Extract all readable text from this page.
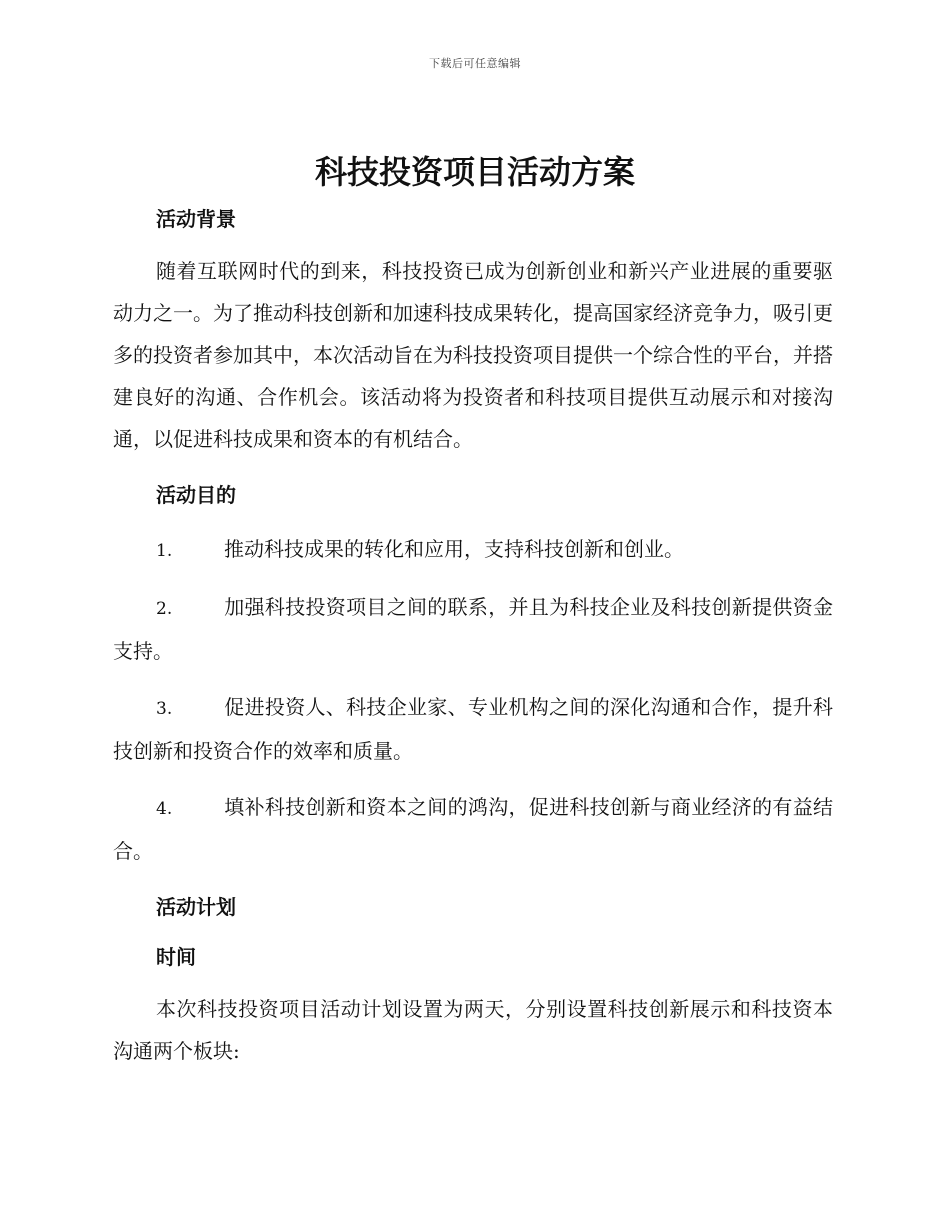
下载后可任意编辑
科技投资项目活动方案
活动背景

随着互联网时代的到来，科技投资已成为创新创业和新兴产业进展的重要驱动力之一。为了推动科技创新和加速科技成果转化，提高国家经济竞争力，吸引更多的投资者参加其中，本次活动旨在为科技投资项目提供一个综合性的平台，并搭建良好的沟通、合作机会。该活动将为投资者和科技项目提供互动展示和对接沟通，以促进科技成果和资本的有机结合。

活动目的

1.	推动科技成果的转化和应用，支持科技创新和创业。

2.	加强科技投资项目之间的联系，并且为科技企业及科技创新提供资金支持。

3.	促进投资人、科技企业家、专业机构之间的深化沟通和合作，提升科技创新和投资合作的效率和质量。

4.	填补科技创新和资本之间的鸿沟，促进科技创新与商业经济的有益结合。

活动计划
时间

本次科技投资项目活动计划设置为两天，分别设置科技创新展示和科技资本沟通两个板块:
